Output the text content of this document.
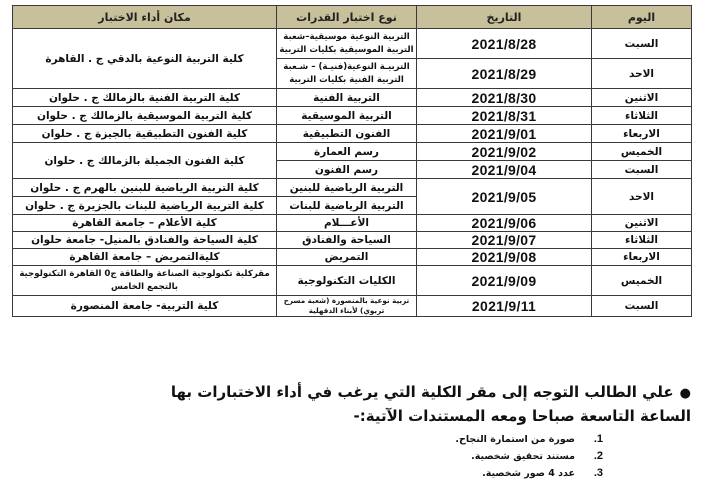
اليوم	التاريخ	نوع اختبار القدرات	مكان أداء الاختبار
السبت	2021/8/28	التربية النوعية موسيقية–شعبة التربية الموسيقية بكليات التربية	كلية التربية النوعية بالدقي ج . القاهرة
الاحد	2021/8/29	التربيـة النوعية(فنيـة) – شـعبة التربية الفنية بكليات التربية	
الاثنين	2021/8/30	التربية الفنية	كلية التربية الفنية بالزمالك ج . حلوان
الثلاثاء	2021/8/31	التربية الموسيقية	كلية التربية الموسيقية بالزمالك ج . حلوان
الاربعاء	2021/9/01	الفنون التطبيقية	كلية الفنون التطبيقية بالجيزة ج . حلوان
الخميس	2021/9/02	رسم العمارة	كلية الفنون الجميلة بالزمالك ج . حلوان
السبت	2021/9/04	رسم الفنون	
الاحد	2021/9/05	التربية الرياضية للبنين	كلية التربية الرياضية للبنين بالهرم ج . حلوان
		التربية الرياضية للبنات	كلية التربية الرياضية للبنات بالجزيرة ج . حلوان
الاثنين	2021/9/06	الأعـــلام	كلية الأعلام – جامعة القاهرة
الثلاثاء	2021/9/07	السياحة والفنادق	كلية السياحة والفنادق بالمنيل- جامعة حلوان
الاربعاء	2021/9/08	التمريض	كليةالتمريض – جامعة القاهرة
الخميس	2021/9/09	الكليات التكنولوجية	مقركلية تكنولوجية الصناعة والطاقة ج0 القاهرة التكنولوجية بالتجمع الخامس
السبت	2021/9/11	تربية نوعية بالمنصورة (شعبة مسرح تربوي) لأبناء الدقهلية	كلية التربية- جامعة المنصورة

●علي الطالب التوجه إلى مقر الكلية التي يرغب في أداء الاختبارات بها الساعة التاسعة صباحا ومعه المستندات الآتية:-

1.
صورة من استمارة النجاح.
2.
مستند تحقيق شخصية.
3.
عدد 4 صور شخصية.
